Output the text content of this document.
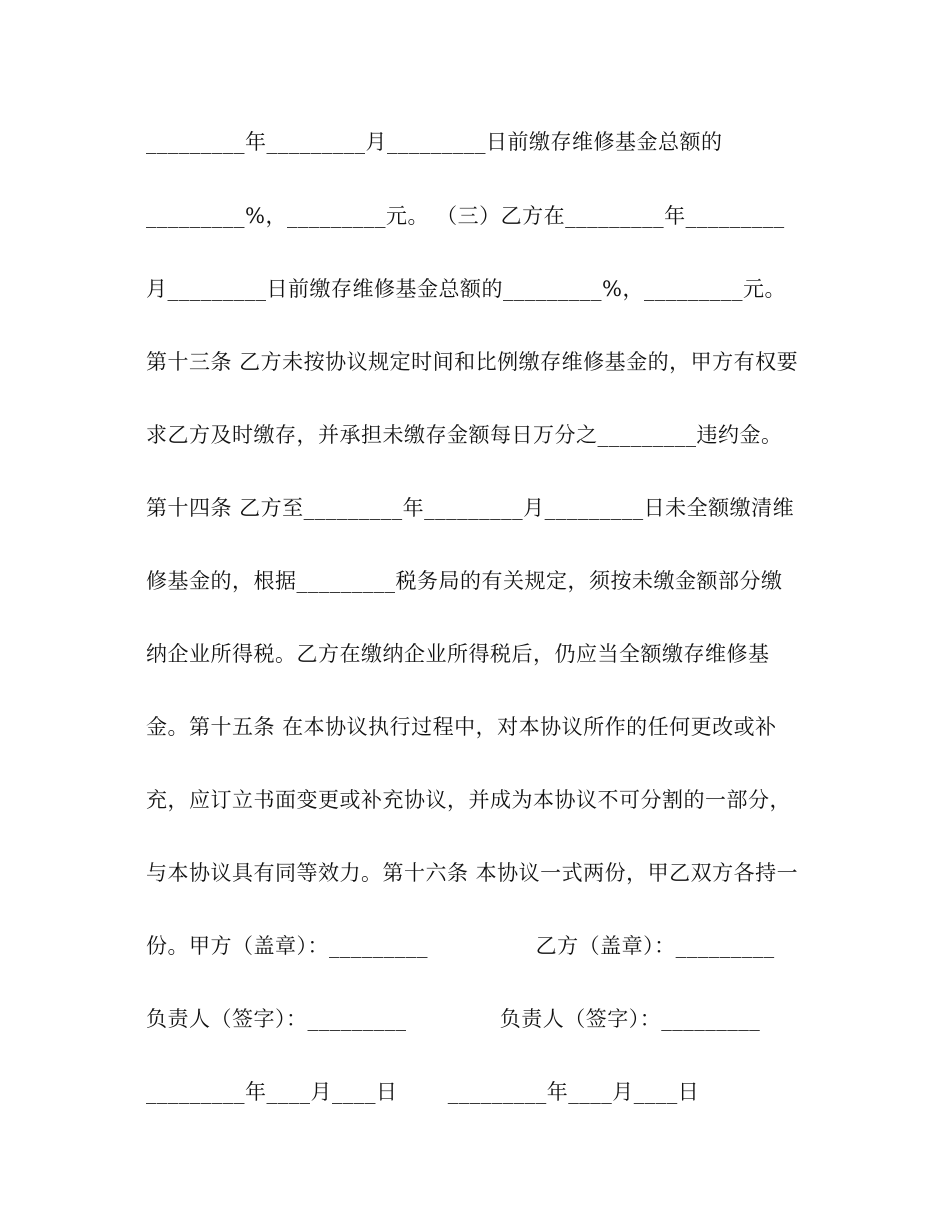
_________年_________月_________日前缴存维修基金总额的
_________%，_________元。 （三）乙方在_________年_________
月_________日前缴存维修基金总额的_________%，_________元。
第十三条 乙方未按协议规定时间和比例缴存维修基金的，甲方有权要
求乙方及时缴存，并承担未缴存金额每日万分之_________违约金。
第十四条 乙方至_________年_________月_________日未全额缴清维
修基金的，根据_________税务局的有关规定，须按未缴金额部分缴
纳企业所得税。乙方在缴纳企业所得税后，仍应当全额缴存维修基
金。第十五条 在本协议执行过程中，对本协议所作的任何更改或补
充，应订立书面变更或补充协议，并成为本协议不可分割的一部分，
与本协议具有同等效力。第十六条 本协议一式两份，甲乙双方各持一
份。甲方（盖章）：_________               乙方（盖章）：_________
负责人（签字）：_________             负责人（签字）：_________
_________年____月____日       _________年____月____日
